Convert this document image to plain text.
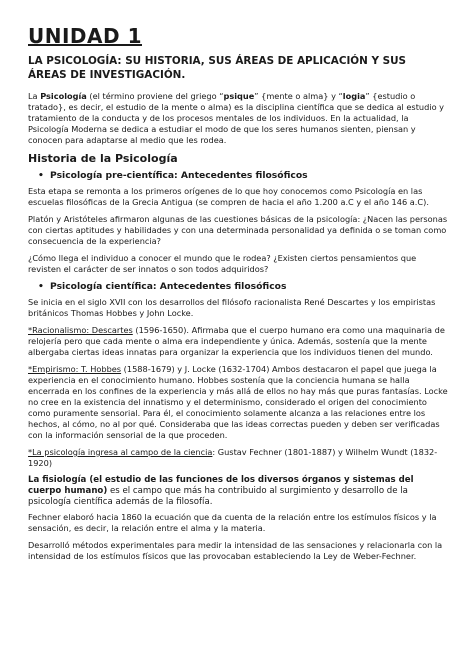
UNIDAD 1
LA PSICOLOGÍA: SU HISTORIA, SUS ÁREAS DE APLICACIÓN Y SUS ÁREAS DE INVESTIGACIÓN.

La Psicología (el término proviene del griego “psique” {mente o alma} y “logia” {estudio o tratado}, es decir, el estudio de la mente o alma) es la disciplina científica que se dedica al estudio y tratamiento de la conducta y de los procesos mentales de los individuos. En la actualidad, la Psicología Moderna se dedica a estudiar el modo de que los seres humanos sienten, piensan y conocen para adaptarse al medio que les rodea.

Historia de la Psicología
• Psicología pre-científica: Antecedentes filosóficos

Esta etapa se remonta a los primeros orígenes de lo que hoy conocemos como Psicología en las escuelas filosóficas de la Grecia Antigua (se compren de hacia el año 1.200 a.C y el año 146 a.C).

Platón y Aristóteles afirmaron algunas de las cuestiones básicas de la psicología: ¿Nacen las personas con ciertas aptitudes y habilidades y con una determinada personalidad ya definida o se toman como consecuencia de la experiencia?

¿Cómo llega el individuo a conocer el mundo que le rodea? ¿Existen ciertos pensamientos que revisten el carácter de ser innatos o son todos adquiridos?

• Psicología científica: Antecedentes filosóficos

Se inicia en el siglo XVII con los desarrollos del filósofo racionalista René Descartes y los empiristas británicos Thomas Hobbes y John Locke.

*Racionalismo: Descartes (1596-1650). Afirmaba que el cuerpo humano era como una maquinaria de relojería pero que cada mente o alma era independiente y única. Además, sostenía que la mente albergaba ciertas ideas innatas para organizar la experiencia que los individuos tienen del mundo.

*Empirismo: T. Hobbes (1588-1679) y J. Locke (1632-1704) Ambos destacaron el papel que juega la experiencia en el conocimiento humano. Hobbes sostenía que la conciencia humana se halla encerrada en los confines de la experiencia y más allá de ellos no hay más que puras fantasías. Locke no cree en la existencia del innatismo y el determinismo, considerado el origen del conocimiento como puramente sensorial. Para él, el conocimiento solamente alcanza a las relaciones entre los hechos, al cómo, no al por qué. Consideraba que las ideas correctas pueden y deben ser verificadas con la información sensorial de la que proceden.

*La psicología ingresa al campo de la ciencia: Gustav Fechner (1801-1887) y Wilhelm Wundt (1832-1920)

La fisiología (el estudio de las funciones de los diversos órganos y sistemas del cuerpo humano) es el campo que más ha contribuido al surgimiento y desarrollo de la psicología científica además de la filosofía.

Fechner elaboró hacia 1860 la ecuación que da cuenta de la relación entre los estímulos físicos y la sensación, es decir, la relación entre el alma y la materia.

Desarrolló métodos experimentales para medir la intensidad de las sensaciones y relacionarla con la intensidad de los estímulos físicos que las provocaban estableciendo la Ley de Weber-Fechner.
